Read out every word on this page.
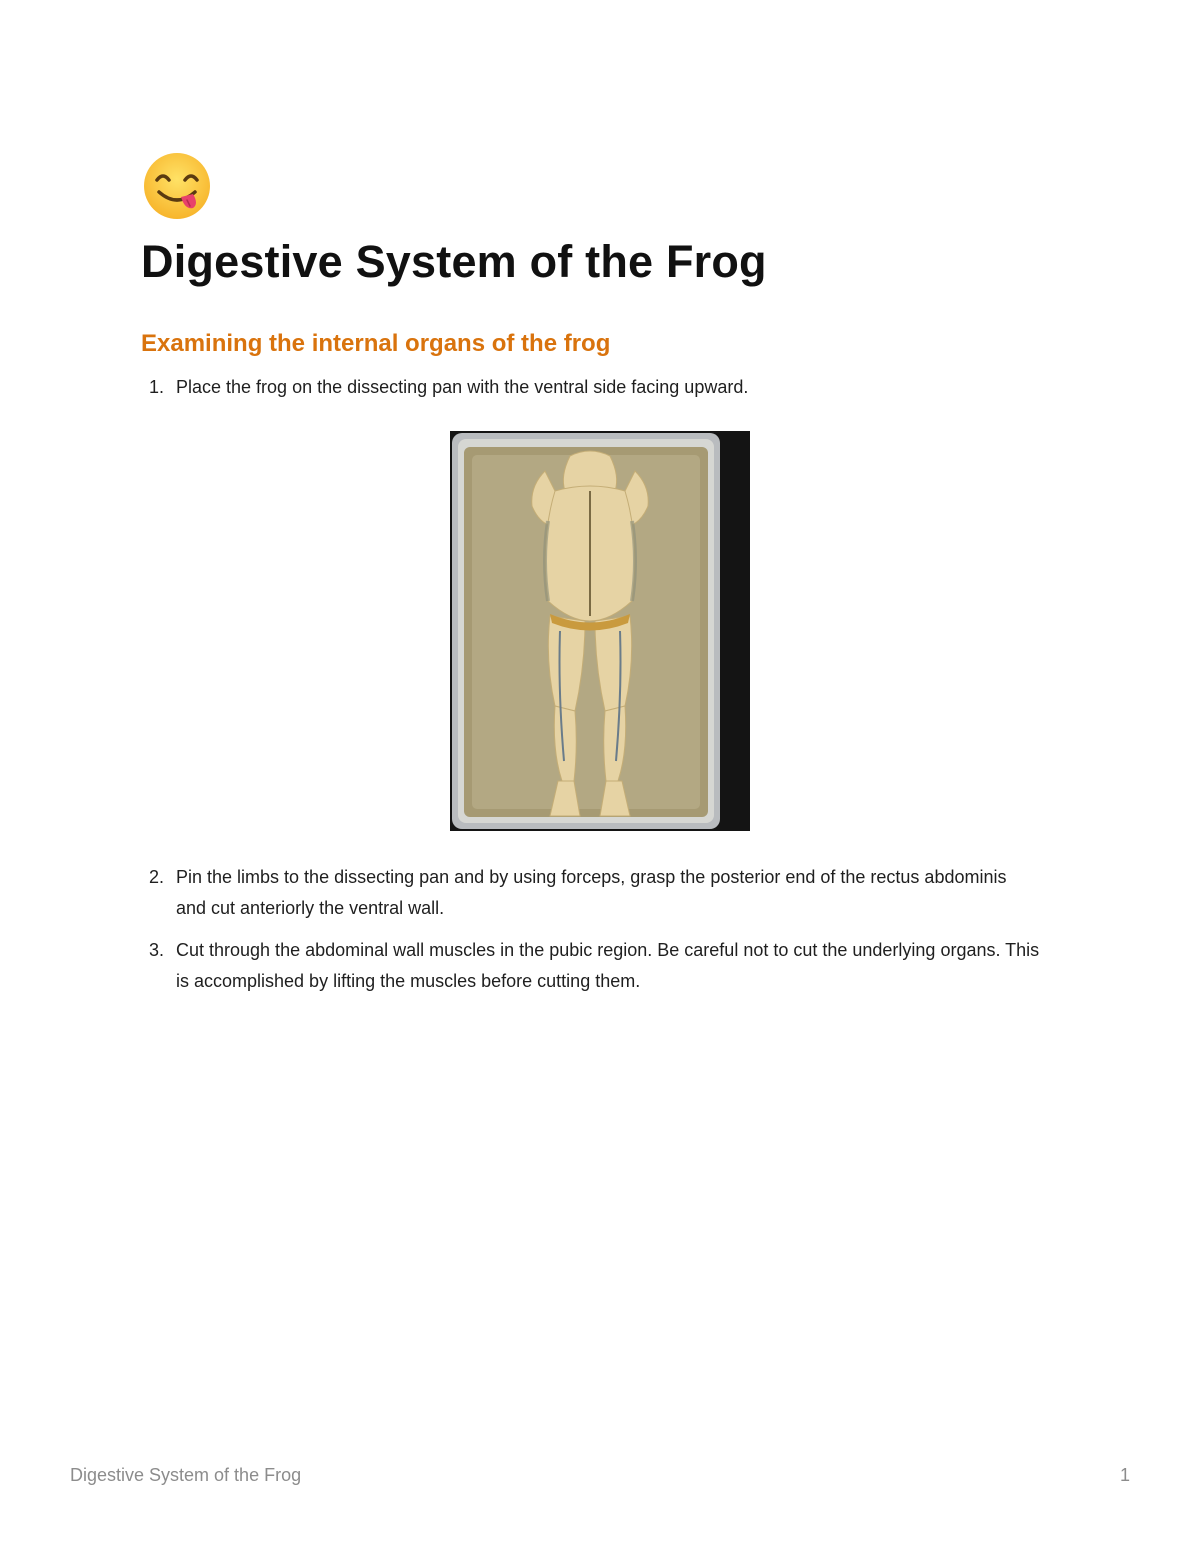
Digestive System of the Frog
Examining the internal organs of the frog
1. Place the frog on the dissecting pan with the ventral side facing upward.
2. Pin the limbs to the dissecting pan and by using forceps, grasp the posterior end of the rectus abdominis and cut anteriorly the ventral wall.
3. Cut through the abdominal wall muscles in the pubic region. Be careful not to cut the underlying organs. This is accomplished by lifting the muscles before cutting them.
Digestive System of the Frog	1
